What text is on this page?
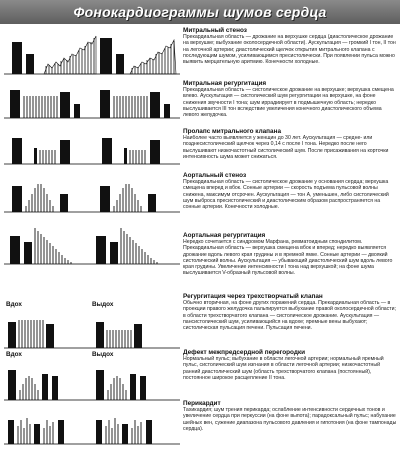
Фонокардиограммы шумов сердца
Вдох	Выдох
Вдох	Выдох
Митральный стеноз
Прекардиальная область — дрожание на верхушке сердца (диастолическое дрожание на верхушке; выбухание околосердечной области). Аускультация — громкий I тон, II тон на легочной артерии; диастолический щелчок открытия митрального клапана с последующим шумом, усиливающимся пресистолически. При появлении пульса можно выявить мерцательную аритмию. Конечности холодные.
Митральная регургитация
Прекардиальная область — систолическое дрожание на верхушке; верхушка смещена влево. Аускультация — систолический шум регургитации на верхушке, на фоне снижения звучности I тона; шум иррадиирует в подмышечную область; нередко выслушивается III тон вследствие увеличения конечного диастолического объема левого желудочка.
Пролапс митрального клапана
Наиболее часто выявляется у женщин до 30 лет. Аускультация — средне- или позднесистолический щелчок через 0,14 с после I тона. Нередко после него выслушивают низкочастотный систолический шум. После присаживания на корточки интенсивность шума может снижаться.
Аортальный стеноз
Прекардиальная область — систолическое дрожание у основания сердца; верхушка смещена вперед и вбок. Сонные артерии — скорость подъема пульсовой волны снижена, максимум отсрочен. Аускультация — тон A, уменьшен, либо систолический шум выброса пресистолический и диастолическим образом распространяется на сонные артерии. Конечности холодные.
Аортальная регургитация
Нередко сочетается с синдромом Марфана, ревматоидным спондилитом. Прекардиальная область — верхушка смещена вбок и вперед; нередко выявляется дрожание вдоль левого края грудины и в яремной ямке. Сонные артерии — двоякий систолический волны. Аускультация — убывающий диастолический шум вдоль левого края грудины. Увеличение интенсивности I тона над верхушкой; на фоне шума выслушивается V-образный пульсовой волны.
Регургитация через трехстворчатый клапан
Обычно вторичная, на фоне других поражений сердца. Прекардиальная область — в проекции правого желудочка пальпируется выбухание правой околосердечной области; в области трехстворчатого клапана — систолическое дрожание. Аускультация — пансистолический шум, усиливающийся на вдохе; яремные вены выбухают; систолическая пульсация печени. Пульсация печени.
Дефект межпредсердной перегородки
Нормальный пульс; выбухание в области легочной артерии; нормальный яремный пульс, систолический шум изгнания в области легочной артерии; низкочастотный ранний диастолический шум (область трехстворчатого клапана (постоянный), постоянное широкое расщепление II тона.
Перикардит
Тахикардия; шум трения перикарда; ослабление интенсивности сердечных тонов и увеличение сердца при перкуссии (на фоне выпота); парадоксальный пульс; набухание шейных вен, сужение диапазона пульсового давления и гипотония (на фоне тампонады сердца).
